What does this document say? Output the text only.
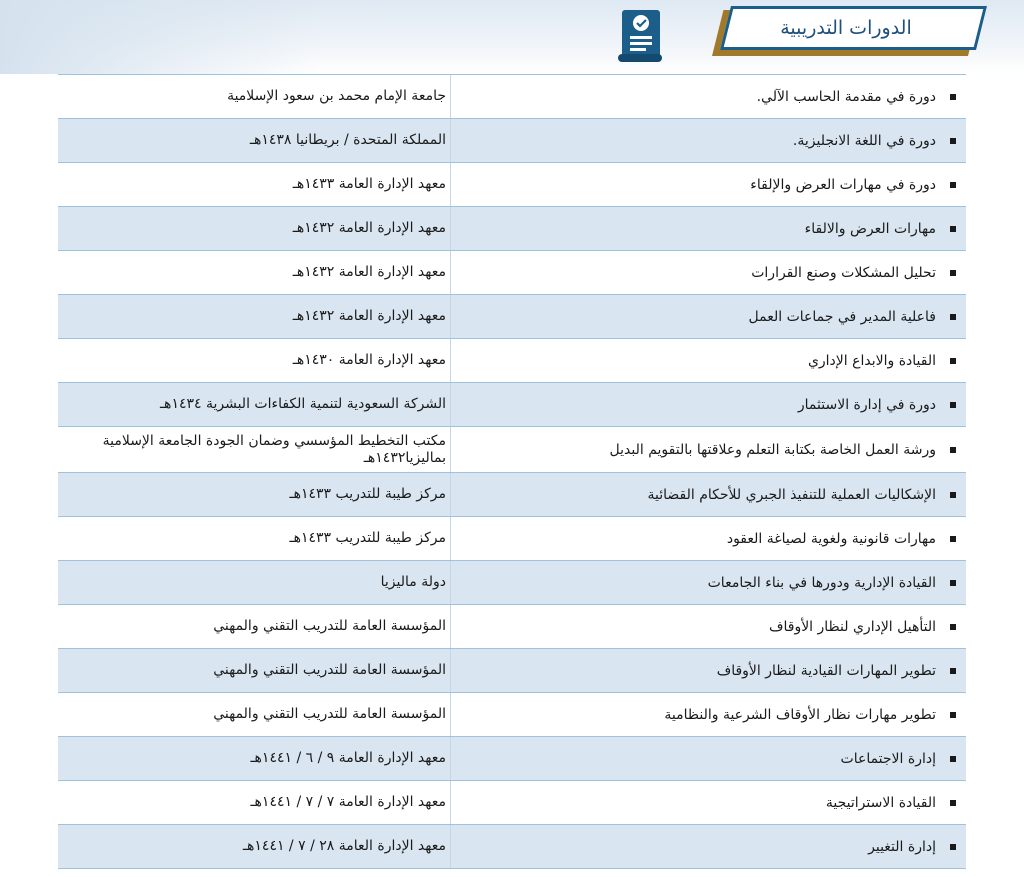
الدورات التدريبية
دورة في مقدمة الحاسب الآلي.
جامعة الإمام محمد بن سعود الإسلامية
دورة في اللغة الانجليزية.
المملكة المتحدة / بريطانيا ١٤٣٨هـ
دورة في مهارات العرض والإلقاء
معهد الإدارة العامة ١٤٣٣هـ
مهارات العرض والالقاء
معهد الإدارة العامة ١٤٣٢هـ
تحليل المشكلات وصنع القرارات
معهد الإدارة العامة ١٤٣٢هـ
فاعلية المدير في جماعات العمل
معهد الإدارة العامة ١٤٣٢هـ
القيادة والابداع الإداري
معهد الإدارة العامة ١٤٣٠هـ
دورة في إدارة الاستثمار
الشركة السعودية لتنمية الكفاءات البشرية ١٤٣٤هـ
ورشة العمل الخاصة بكتابة التعلم وعلاقتها بالتقويم البديل
مكتب التخطيط المؤسسي وضمان الجودة الجامعة الإسلامية بماليزيا١٤٣٢هـ
الإشكاليات العملية للتنفيذ الجبري للأحكام القضائية
مركز طيبة للتدريب ١٤٣٣هـ
مهارات قانونية ولغوية لصياغة العقود
مركز طيبة للتدريب ١٤٣٣هـ
القيادة الإدارية ودورها في بناء الجامعات
دولة ماليزيا
التأهيل الإداري لنظار الأوقاف
المؤسسة العامة للتدريب التقني والمهني
تطوير المهارات القيادية لنظار الأوقاف
المؤسسة العامة للتدريب التقني والمهني
تطوير مهارات نظار الأوقاف الشرعية والنظامية
المؤسسة العامة للتدريب التقني والمهني
إدارة الاجتماعات
معهد الإدارة العامة ٩ / ٦ / ١٤٤١هـ
القيادة الاستراتيجية
معهد الإدارة العامة ٧ / ٧ / ١٤٤١هـ
إدارة التغيير
معهد الإدارة العامة ٢٨ / ٧ / ١٤٤١هـ
